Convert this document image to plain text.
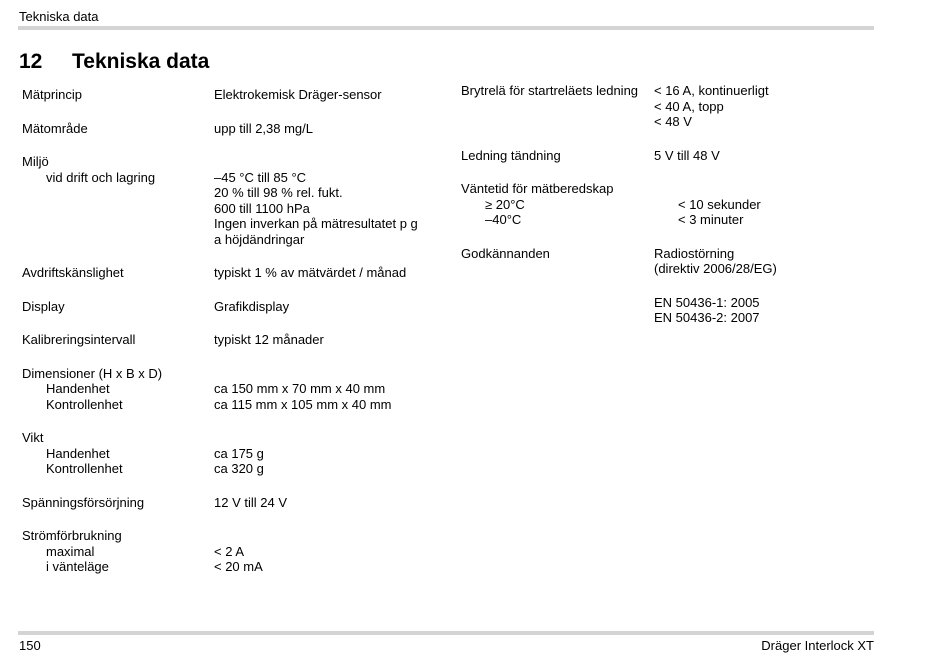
Tekniska data
12 Tekniska data
Mätprincip	Elektrokemisk Dräger-sensor
Mätområde	upp till 2,38 mg/L
Miljö
vid drift och lagring	–45 °C till 85 °C
20 % till 98 % rel. fukt.
600 till 1100 hPa
Ingen inverkan på mätresultatet p g
a höjdändringar
Avdriftskänslighet	typiskt 1 % av mätvärdet / månad
Display	Grafikdisplay
Kalibreringsintervall	typiskt 12 månader
Dimensioner (H x B x D)
Handenhet	ca 150 mm x 70 mm x 40 mm
Kontrollenhet	ca 115 mm x 105 mm x 40 mm
Vikt
Handenhet	ca 175 g
Kontrollenhet	ca 320 g
Spänningsförsörjning	12 V till 24 V
Strömförbrukning
maximal	< 2 A
i vänteläge	< 20 mA
Brytrelä för startreläets ledning	< 16 A, kontinuerligt
< 40 A, topp
< 48 V
Ledning tändning	5 V till 48 V
Väntetid för mätberedskap
≥ 20°C	< 10 sekunder
–40°C	< 3 minuter
Godkännanden	Radiostörning
(direktiv 2006/28/EG)
EN 50436-1: 2005
EN 50436-2: 2007
150	Dräger Interlock XT
